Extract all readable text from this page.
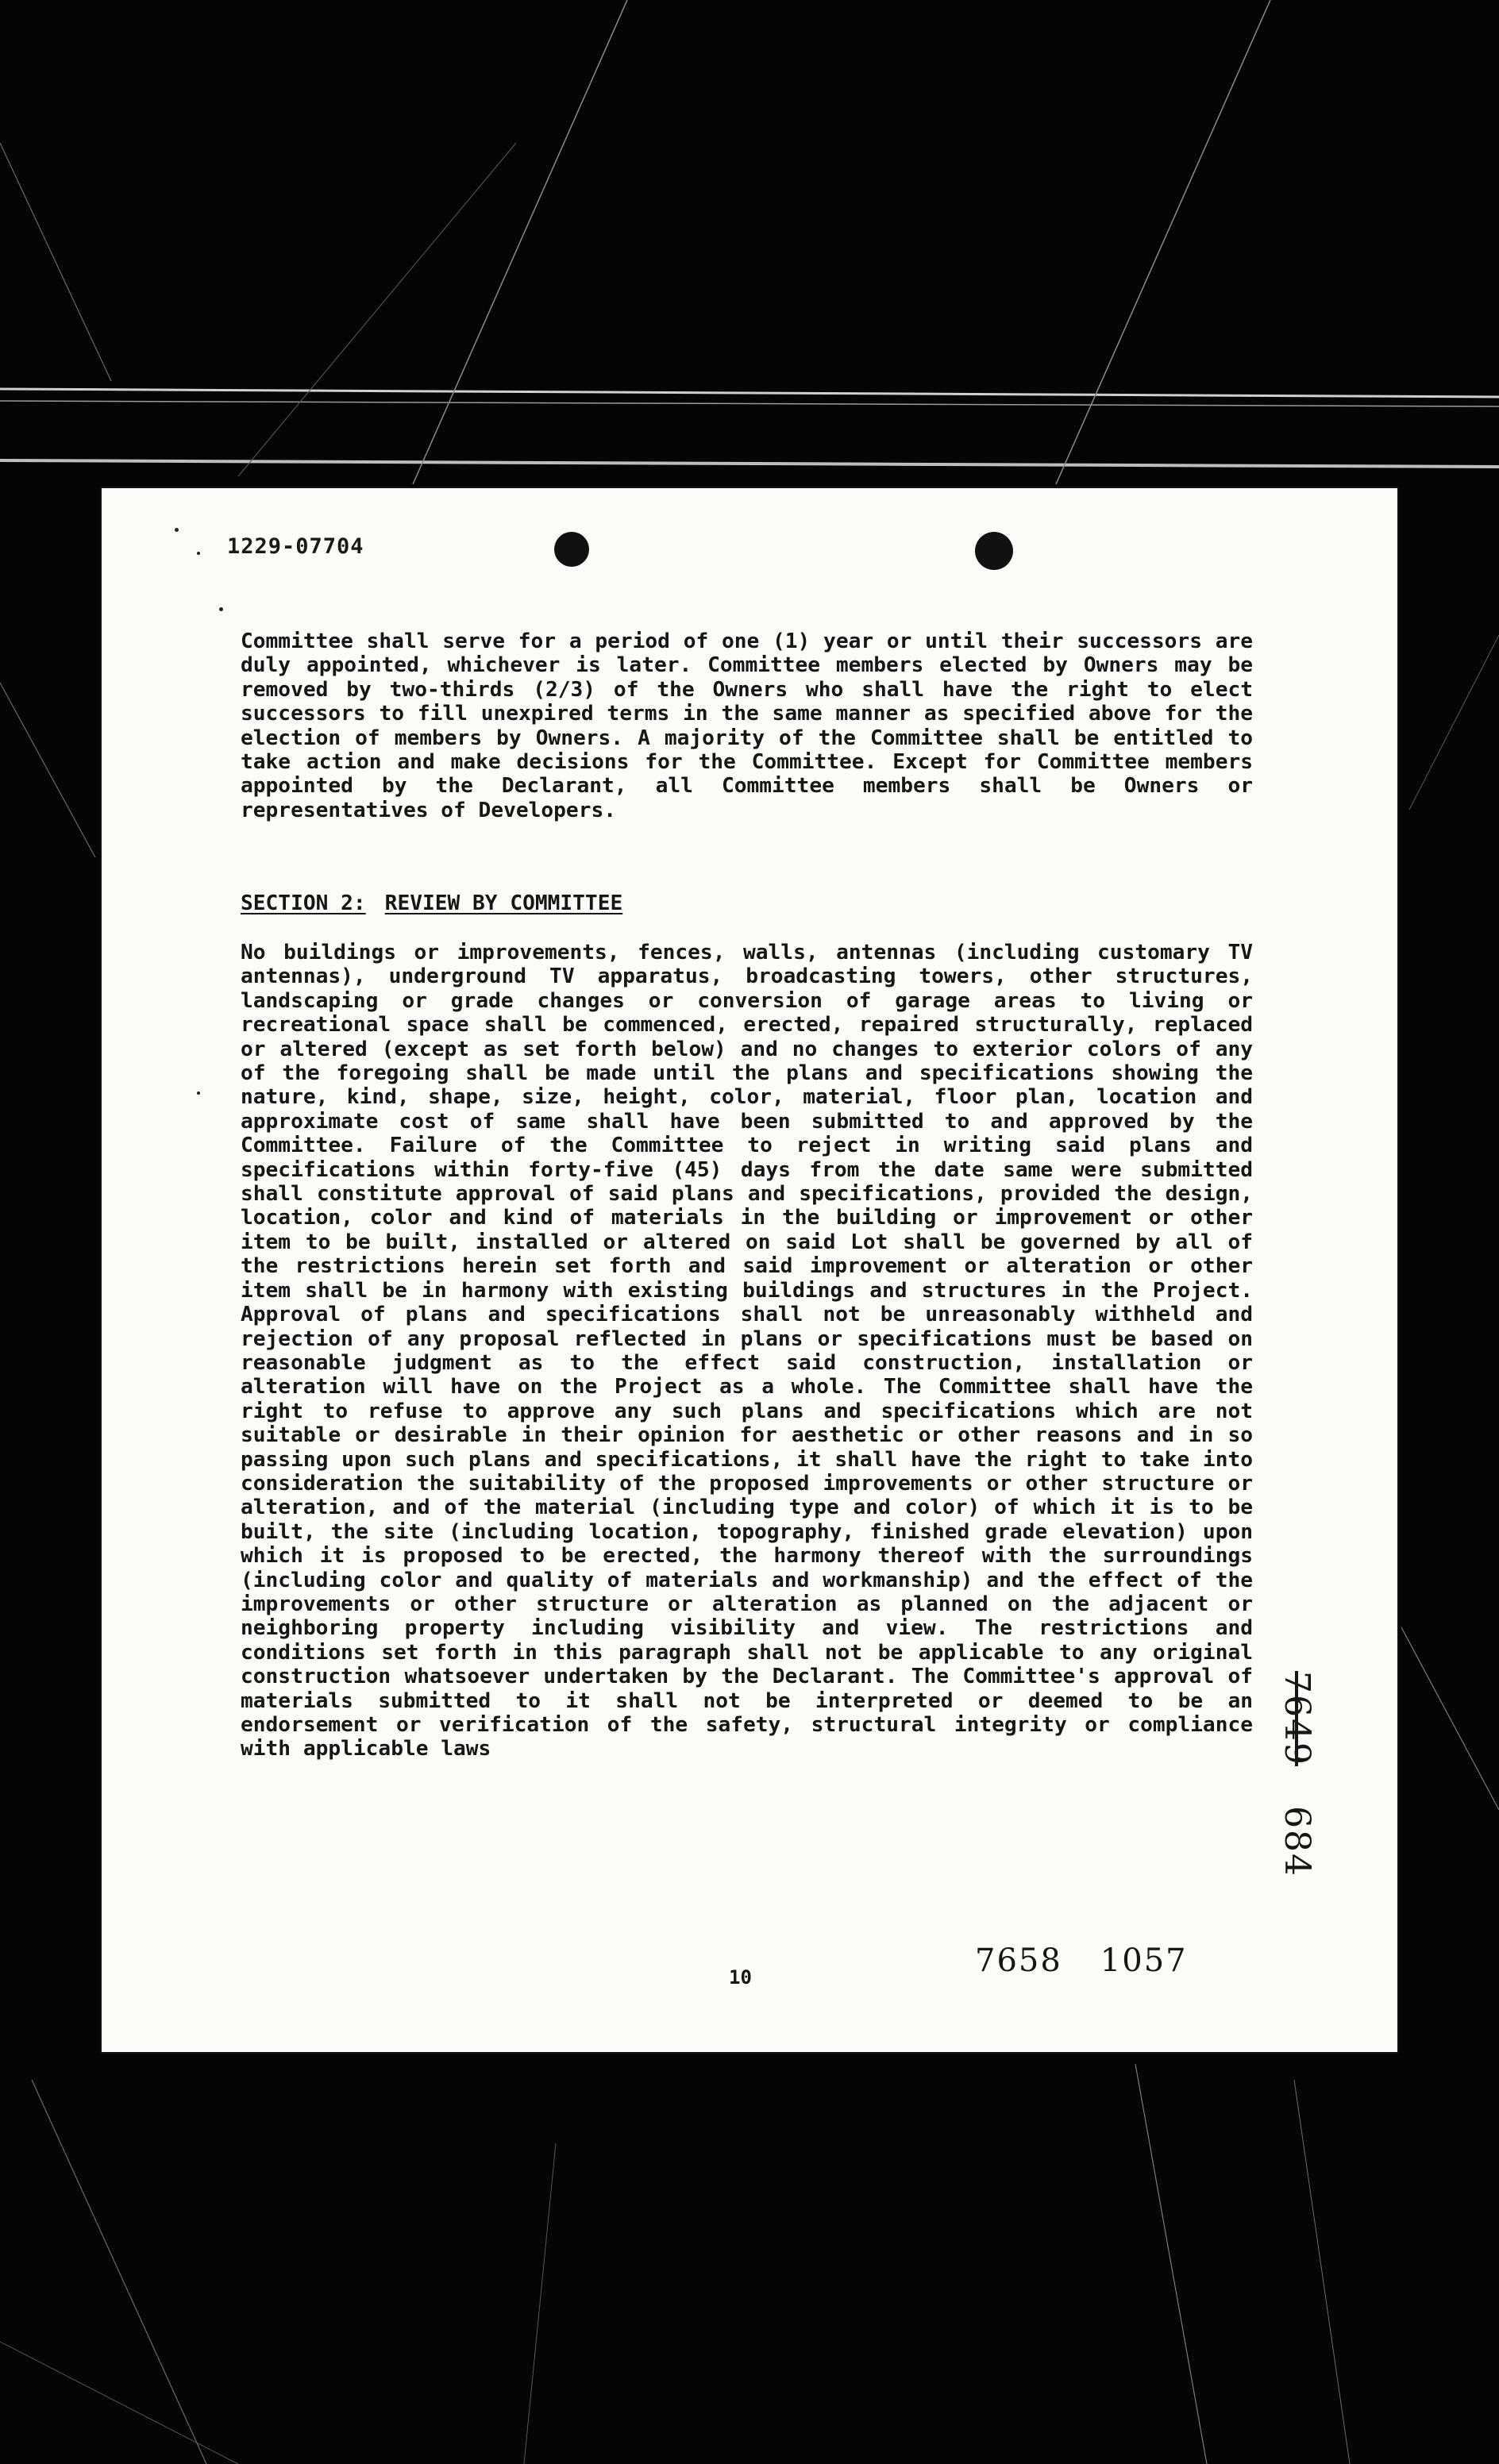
1229-07704
Committee shall serve for a period of one (1) year or until their successors are duly appointed, whichever is later. Committee members elected by Owners may be removed by two-thirds (2/3) of the Owners who shall have the right to elect successors to fill unexpired terms in the same manner as specified above for the election of members by Owners. A majority of the Committee shall be entitled to take action and make decisions for the Committee. Except for Committee members appointed by the Declarant, all Committee members shall be Owners or representatives of Developers.
SECTION 2: REVIEW BY COMMITTEE
No buildings or improvements, fences, walls, antennas (including customary TV antennas), underground TV apparatus, broadcasting towers, other structures, landscaping or grade changes or conversion of garage areas to living or recreational space shall be commenced, erected, repaired structurally, replaced or altered (except as set forth below) and no changes to exterior colors of any of the foregoing shall be made until the plans and specifications showing the nature, kind, shape, size, height, color, material, floor plan, location and approximate cost of same shall have been submitted to and approved by the Committee. Failure of the Committee to reject in writing said plans and specifications within forty-five (45) days from the date same were submitted shall constitute approval of said plans and specifications, provided the design, location, color and kind of materials in the building or improvement or other item to be built, installed or altered on said Lot shall be governed by all of the restrictions herein set forth and said improvement or alteration or other item shall be in harmony with existing buildings and structures in the Project. Approval of plans and specifications shall not be unreasonably withheld and rejection of any proposal reflected in plans or specifications must be based on reasonable judgment as to the effect said construction, installation or alteration will have on the Project as a whole. The Committee shall have the right to refuse to approve any such plans and specifications which are not suitable or desirable in their opinion for aesthetic or other reasons and in so passing upon such plans and specifications, it shall have the right to take into consideration the suitability of the proposed improvements or other structure or alteration, and of the material (including type and color) of which it is to be built, the site (including location, topography, finished grade elevation) upon which it is proposed to be erected, the harmony thereof with the surroundings (including color and quality of materials and workmanship) and the effect of the improvements or other structure or alteration as planned on the adjacent or neighboring property including visibility and view. The restrictions and conditions set forth in this paragraph shall not be applicable to any original construction whatsoever undertaken by the Declarant. The Committee's approval of materials submitted to it shall not be interpreted or deemed to be an endorsement or verification of the safety, structural integrity or compliance with applicable laws
10	7658 1057
7649684
